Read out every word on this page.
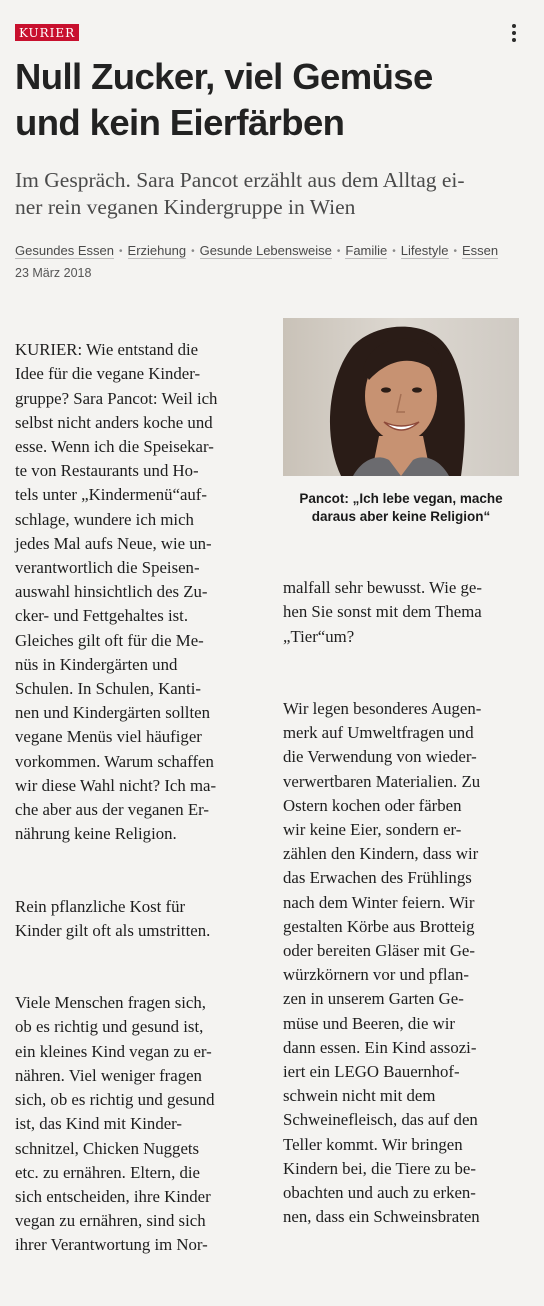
KURIER
Null Zucker, viel Gemüse
und kein Eierfärben
Im Gespräch. Sara Pancot erzählt aus dem Alltag ei-
ner rein veganen Kindergruppe in Wien
Gesundes Essen • Erziehung • Gesunde Lebensweise • Familie • Lifestyle • Essen
23 März 2018

KURIER: Wie entstand die
Idee für die vegane Kinder-
gruppe? Sara Pancot: Weil ich
selbst nicht anders koche und
esse. Wenn ich die Speisekar-
te von Restaurants und Ho-
tels unter „Kindermenü“auf-
schlage, wundere ich mich
jedes Mal aufs Neue, wie un-
verantwortlich die Speisen-
auswahl hinsichtlich des Zu-
cker- und Fettgehaltes ist.
Gleiches gilt oft für die Me-
nüs in Kindergärten und
Schulen. In Schulen, Kanti-
nen und Kindergärten sollten
vegane Menüs viel häufiger
vorkommen. Warum schaffen
wir diese Wahl nicht? Ich ma-
che aber aus der veganen Er-
nährung keine Religion.

Rein pflanzliche Kost für
Kinder gilt oft als umstritten.

Viele Menschen fragen sich,
ob es richtig und gesund ist,
ein kleines Kind vegan zu er-
nähren. Viel weniger fragen
sich, ob es richtig und gesund
ist, das Kind mit Kinder-
schnitzel, Chicken Nuggets
etc. zu ernähren. Eltern, die
sich entscheiden, ihre Kinder
vegan zu ernähren, sind sich
ihrer Verantwortung im Nor-

Pancot: „Ich lebe vegan, mache
daraus aber keine Religion“

malfall sehr bewusst. Wie ge-
hen Sie sonst mit dem Thema
„Tier“um?

Wir legen besonderes Augen-
merk auf Umweltfragen und
die Verwendung von wieder-
verwertbaren Materialien. Zu
Ostern kochen oder färben
wir keine Eier, sondern er-
zählen den Kindern, dass wir
das Erwachen des Frühlings
nach dem Winter feiern. Wir
gestalten Körbe aus Brotteig
oder bereiten Gläser mit Ge-
würzkörnern vor und pflan-
zen in unserem Garten Ge-
müse und Beeren, die wir
dann essen. Ein Kind assozi-
iert ein LEGO Bauernhof-
schwein nicht mit dem
Schweinefleisch, das auf den
Teller kommt. Wir bringen
Kindern bei, die Tiere zu be-
obachten und auch zu erken-
nen, dass ein Schweinsbraten
